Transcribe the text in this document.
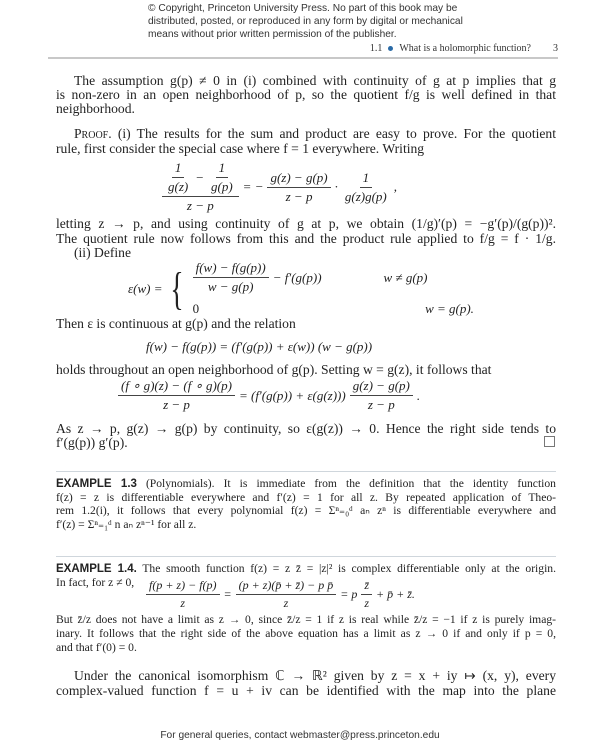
© Copyright, Princeton University Press. No part of this book may be
distributed, posted, or reproduced in any form by digital or mechanical
means without prior written permission of the publisher.
1.1 What is a holomorphic function? 3
The assumption g(p) ≠ 0 in (i) combined with continuity of g at p implies that g
is non-zero in an open neighborhood of p, so the quotient f/g is well defined in that
neighborhood.
Proof. (i) The results for the sum and product are easy to prove. For the quotient
rule, first consider the special case where f = 1 everywhere. Writing
$\frac{\frac{1}{g(z)} - \frac{1}{g(p)}}{z - p}$ = − $\frac{g(z) - g(p)}{z - p} \cdot \frac{1}{g(z)g(p)}$ ,
letting z → p, and using continuity of g at p, we obtain (1/g)′(p) = −g′(p)/(g(p))².
The quotient rule now follows from this and the product rule applied to f/g = f · 1/g.
(ii) Define
ε(w) = { $\frac{f(w) - f(g(p))}{w - g(p)} - f'(g(p))$	w ≠ g(p)
0	w = g(p).
Then ε is continuous at g(p) and the relation
f(w) − f(g(p)) = (f′(g(p)) + ε(w)) (w − g(p))
holds throughout an open neighborhood of g(p). Setting w = g(z), it follows that
$\frac{(f \circ g)(z) - (f \circ g)(p)}{z - p} = (f'(g(p)) + \varepsilon(g(z))) \frac{g(z) - g(p)}{z - p}$ .
As z → p, g(z) → g(p) by continuity, so ε(g(z)) → 0. Hence the right side tends to
f′(g(p)) g′(p).
EXAMPLE 1.3 (Polynomials). It is immediate from the definition that the identity function
f(z) = z is differentiable everywhere and f′(z) = 1 for all z. By repeated application of Theo-
rem 1.2(i), it follows that every polynomial f(z) = Σⁿ₌₀ᵈ aₙ zⁿ is differentiable everywhere and
f′(z) = Σⁿ₌₁ᵈ n aₙ zⁿ⁻¹ for all z.
EXAMPLE 1.4. The smooth function f(z) = z z̄ = |z|² is complex differentiable only at the origin.
In fact, for z ≠ 0, $\frac{f(p + z) - f(p)}{z} = \frac{\text{(p + z)(p̄ + z̄) − p p̄}}{z} = p \frac{z̄}{z}$ + p̄ + z̄.
But z̄/z does not have a limit as z → 0, since z̄/z = 1 if z is real while z̄/z = −1 if z is purely imag-
inary. It follows that the right side of the above equation has a limit as z → 0 if and only if p = 0,
and that f′(0) = 0.
Under the canonical isomorphism ℂ → ℝ² given by z = x + iy ↦ (x, y), every
complex-valued function f = u + iv can be identified with the map into the plane
For general queries, contact webmaster@press.princeton.edu
